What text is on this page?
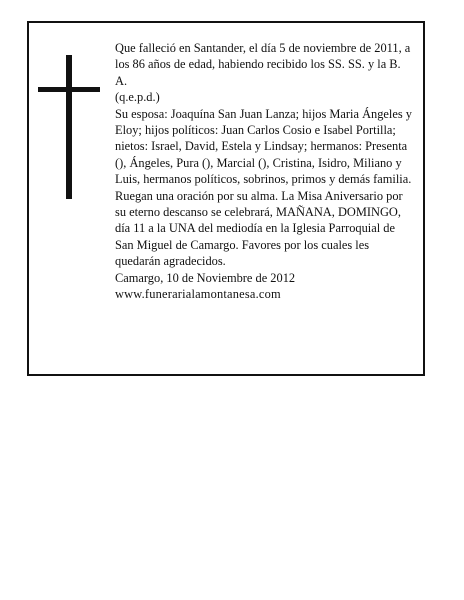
Que falleció en Santander, el día 5 de noviembre de 2011, a los 86 años de edad, habiendo recibido los SS. SS. y la B. A.

(q.e.p.d.)

Su esposa: Joaquína San Juan Lanza; hijos Maria Ángeles y Eloy; hijos políticos: Juan Carlos Cosio e Isabel Portilla; nietos: Israel, David, Estela y Lindsay; hermanos: Presenta (), Ángeles, Pura (), Marcial (), Cristina, Isidro, Miliano y Luis, hermanos políticos, sobrinos, primos y demás familia.

Ruegan una oración por su alma. La Misa Aniversario por su eterno descanso se celebrará, MAÑANA, DOMINGO, día 11 a la UNA del mediodía en la Iglesia Parroquial de San Miguel de Camargo. Favores por los cuales les quedarán agradecidos.

Camargo, 10 de Noviembre de 2012

www.funerarialamontanesa.com
